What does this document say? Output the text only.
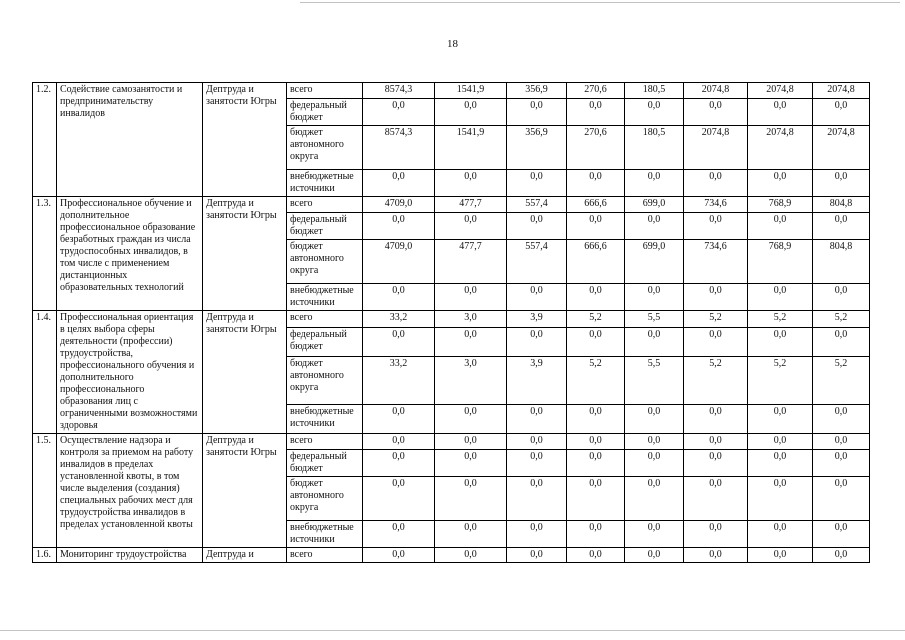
18
1.2.	Содействие самозанятости и предпринимательству инвалидов	Дептруда и занятости Югры	всего	8574,3	1541,9	356,9	270,6	180,5	2074,8	2074,8	2074,8
			федеральный бюджет	0,0	0,0	0,0	0,0	0,0	0,0	0,0	0,0
			бюджет автономного округа	8574,3	1541,9	356,9	270,6	180,5	2074,8	2074,8	2074,8
			внебюджетные источники	0,0	0,0	0,0	0,0	0,0	0,0	0,0	0,0
1.3.	Профессиональное обучение и дополнительное профессиональное образование безработных граждан из числа трудоспособных инвалидов, в том числе с применением дистанционных образовательных технологий	Дептруда и занятости Югры	всего	4709,0	477,7	557,4	666,6	699,0	734,6	768,9	804,8
			федеральный бюджет	0,0	0,0	0,0	0,0	0,0	0,0	0,0	0,0
			бюджет автономного округа	4709,0	477,7	557,4	666,6	699,0	734,6	768,9	804,8
			внебюджетные источники	0,0	0,0	0,0	0,0	0,0	0,0	0,0	0,0
1.4.	Профессиональная ориентация в целях выбора сферы деятельности (профессии) трудоустройства, профессионального обучения и дополнительного профессионального образования лиц с ограниченными возможностями здоровья	Дептруда и занятости Югры	всего	33,2	3,0	3,9	5,2	5,5	5,2	5,2	5,2
			федеральный бюджет	0,0	0,0	0,0	0,0	0,0	0,0	0,0	0,0
			бюджет автономного округа	33,2	3,0	3,9	5,2	5,5	5,2	5,2	5,2
			внебюджетные источники	0,0	0,0	0,0	0,0	0,0	0,0	0,0	0,0
1.5.	Осуществление надзора и контроля за приемом на работу инвалидов в пределах установленной квоты, в том числе выделения (создания) специальных рабочих мест для трудоустройства инвалидов в пределах установленной квоты	Дептруда и занятости Югры	всего	0,0	0,0	0,0	0,0	0,0	0,0	0,0	0,0
			федеральный бюджет	0,0	0,0	0,0	0,0	0,0	0,0	0,0	0,0
			бюджет автономного округа	0,0	0,0	0,0	0,0	0,0	0,0	0,0	0,0
			внебюджетные источники	0,0	0,0	0,0	0,0	0,0	0,0	0,0	0,0
1.6.	Мониторинг трудоустройства	Дептруда и	всего	0,0	0,0	0,0	0,0	0,0	0,0	0,0	0,0
